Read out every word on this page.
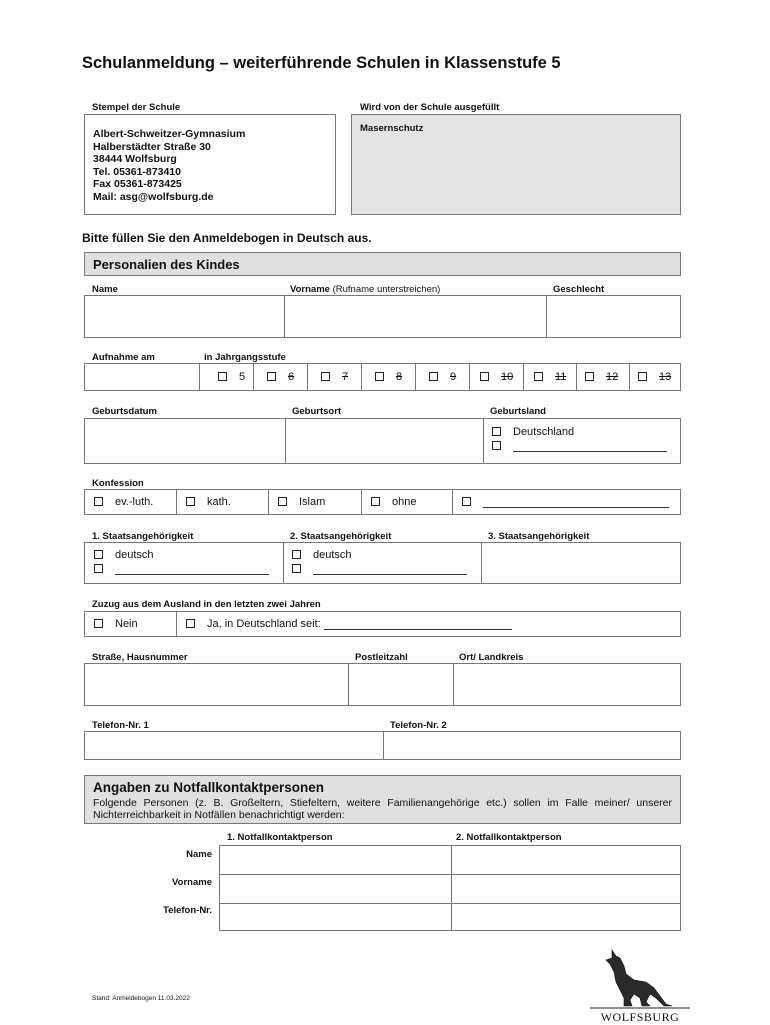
Schulanmeldung – weiterführende Schulen in Klassenstufe 5
Stempel der Schule
Albert-Schweitzer-Gymnasium
Halberstädter Straße 30
38444 Wolfsburg
Tel. 05361-873410
Fax 05361-873425
Mail: asg@wolfsburg.de
Wird von der Schule ausgefüllt
Masernschutz
Bitte füllen Sie den Anmeldebogen in Deutsch aus.
Personalien des Kindes
Name	Vorname (Rufname unterstreichen)	Geschlecht
Aufnahme am	in Jahrgangsstufe
5	6	7	8	9	10	11	12	13
Geburtsdatum	Geburtsort	Geburtsland
Deutschland
Konfession
ev.-luth.	kath.	Islam	ohne
1. Staatsangehörigkeit	2. Staatsangehörigkeit	3. Staatsangehörigkeit
deutsch	deutsch
Zuzug aus dem Ausland in den letzten zwei Jahren
Nein	Ja, in Deutschland seit:
Straße, Hausnummer	Postleitzahl	Ort/ Landkreis
Telefon-Nr. 1	Telefon-Nr. 2
Angaben zu Notfallkontaktpersonen
Folgende Personen (z. B. Großeltern, Stiefeltern, weitere Familienangehörige etc.) sollen im Falle meiner/ unserer Nichterreichbarkeit in Notfällen benachrichtigt werden:
1. Notfallkontaktperson	2. Notfallkontaktperson
Name
Vorname
Telefon-Nr.
Stand: Anmeldebogen 11.03.2022
WOLFSBURG
